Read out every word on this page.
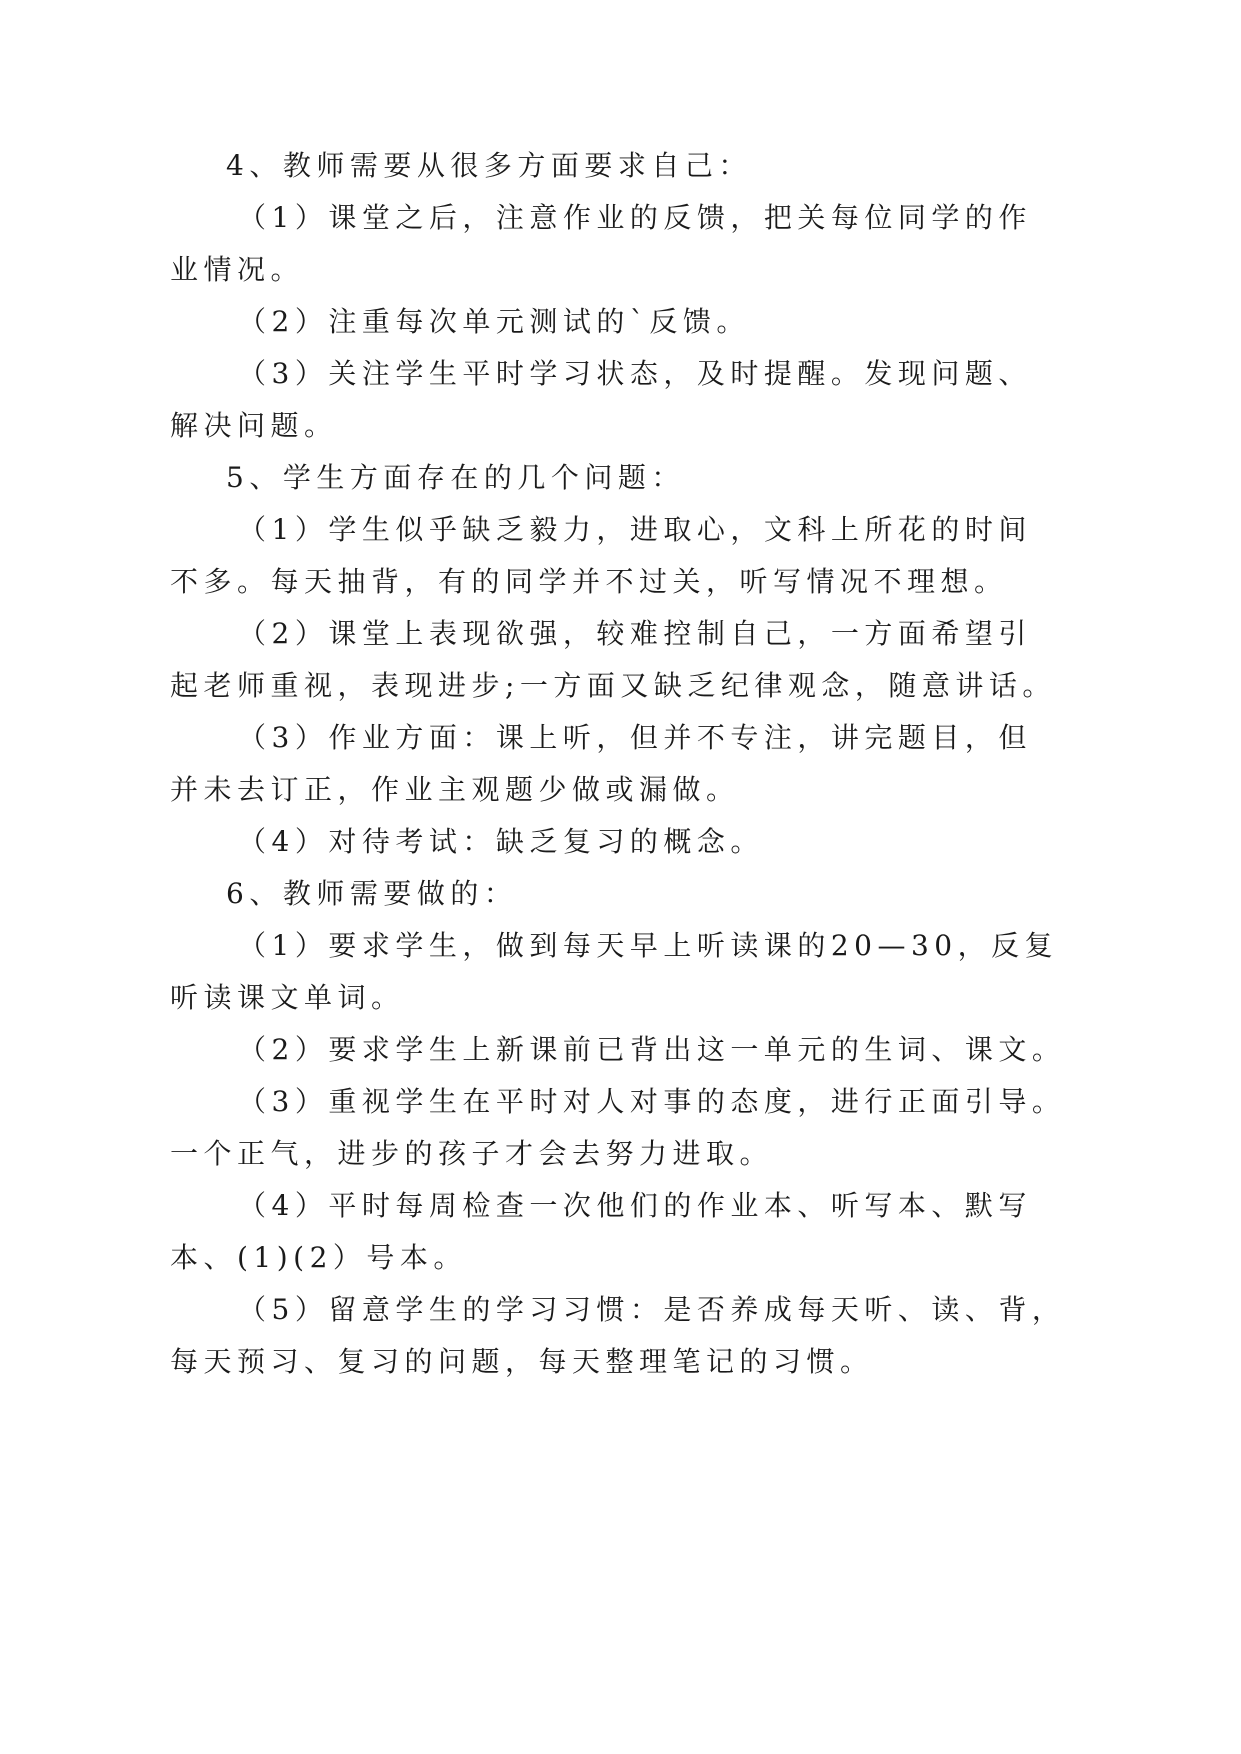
4、教师需要从很多方面要求自己：
（1）课堂之后，注意作业的反馈，把关每位同学的作
业情况。
（2）注重每次单元测试的`反馈。
（3）关注学生平时学习状态，及时提醒。发现问题、
解决问题。
5、学生方面存在的几个问题：
（1）学生似乎缺乏毅力，进取心，文科上所花的时间
不多。每天抽背，有的同学并不过关，听写情况不理想。
（2）课堂上表现欲强，较难控制自己，一方面希望引
起老师重视，表现进步;一方面又缺乏纪律观念，随意讲话。
（3）作业方面：课上听，但并不专注，讲完题目，但
并未去订正，作业主观题少做或漏做。
（4）对待考试：缺乏复习的概念。
6、教师需要做的：
（1）要求学生，做到每天早上听读课的20—30，反复
听读课文单词。
（2）要求学生上新课前已背出这一单元的生词、课文。
（3）重视学生在平时对人对事的态度，进行正面引导。
一个正气，进步的孩子才会去努力进取。
（4）平时每周检查一次他们的作业本、听写本、默写
本、(1)(2）号本。
（5）留意学生的学习习惯：是否养成每天听、读、背，
每天预习、复习的问题，每天整理笔记的习惯。
